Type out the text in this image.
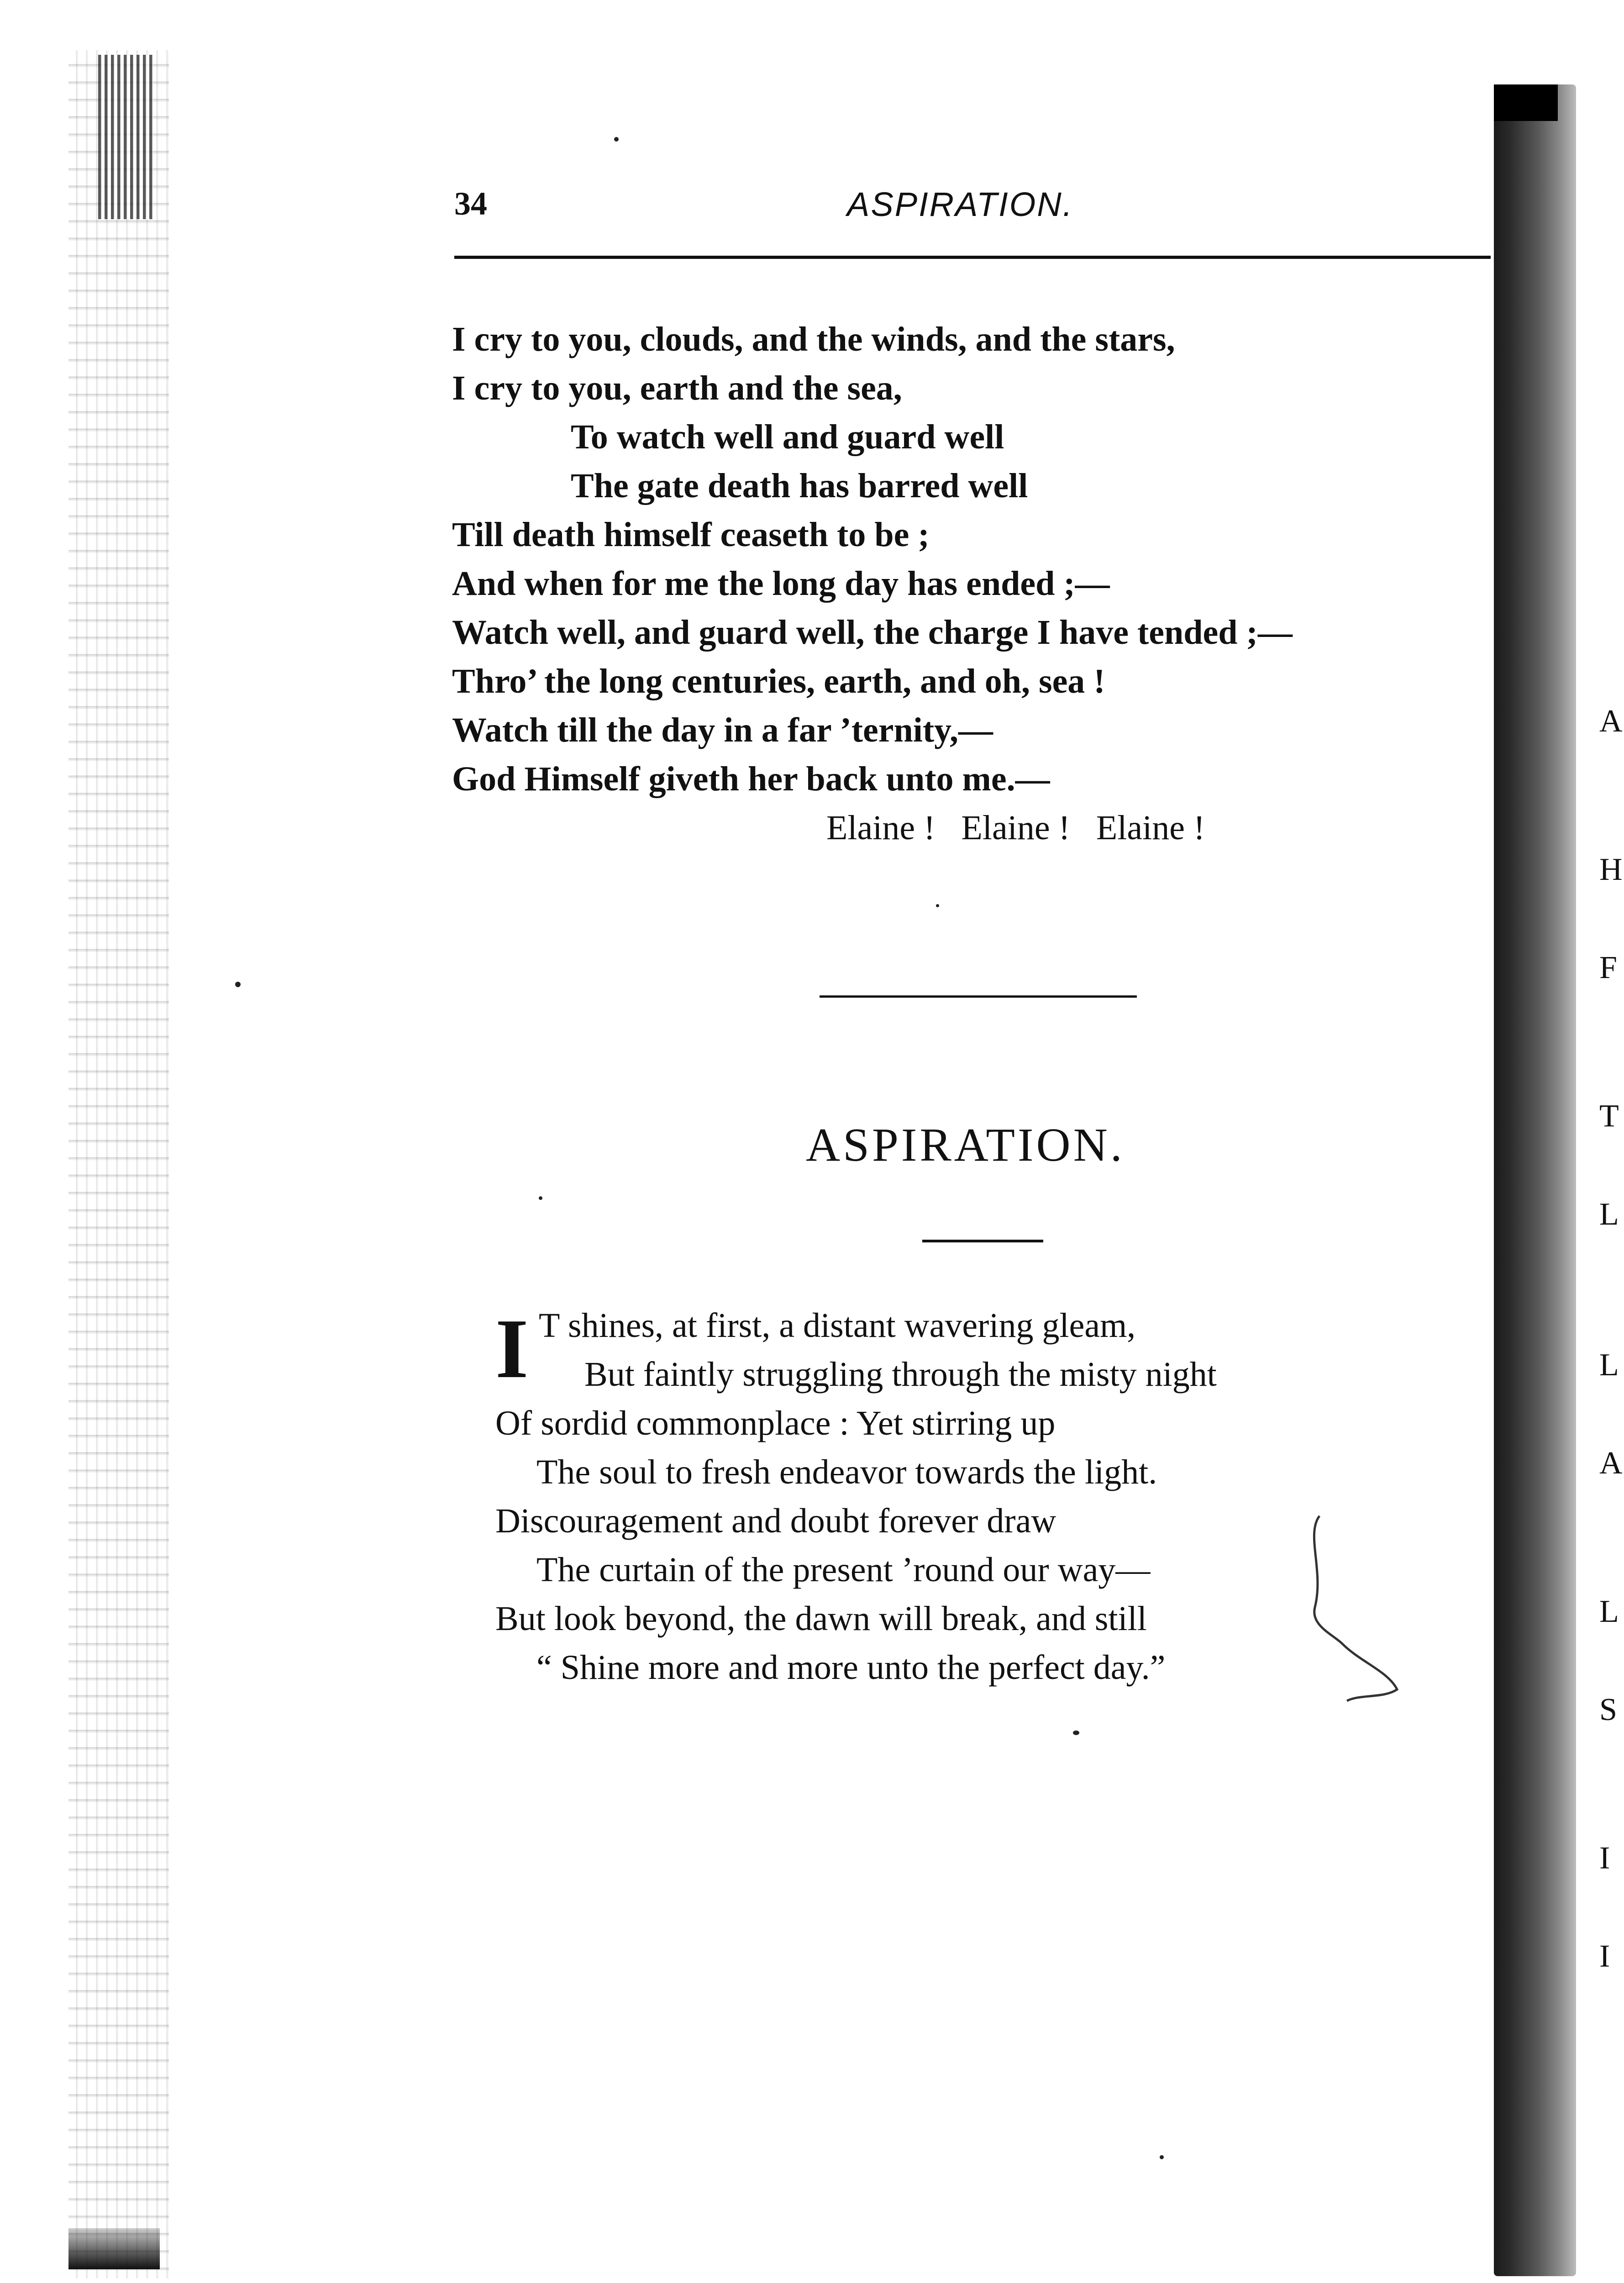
A
H
F
T
L
L
A
L
S
I
I
34	ASPIRATION.
I cry to you, clouds, and the winds, and the stars,
I cry to you, earth and the sea,
To watch well and guard well
The gate death has barred well
Till death himself ceaseth to be ;
And when for me the long day has ended ;—
Watch well, and guard well, the charge I have tended ;—
Thro’ the long centuries, earth, and oh, sea !
Watch till the day in a far ’ternity,—
God Himself giveth her back unto me.—
Elaine !   Elaine !   Elaine !
ASPIRATION.
I T shines, at first, a distant wavering gleam,
But faintly struggling through the misty night
Of sordid commonplace : Yet stirring up
The soul to fresh endeavor towards the light.
Discouragement and doubt forever draw
The curtain of the present ’round our way—
But look beyond, the dawn will break, and still
“ Shine more and more unto the perfect day.”
